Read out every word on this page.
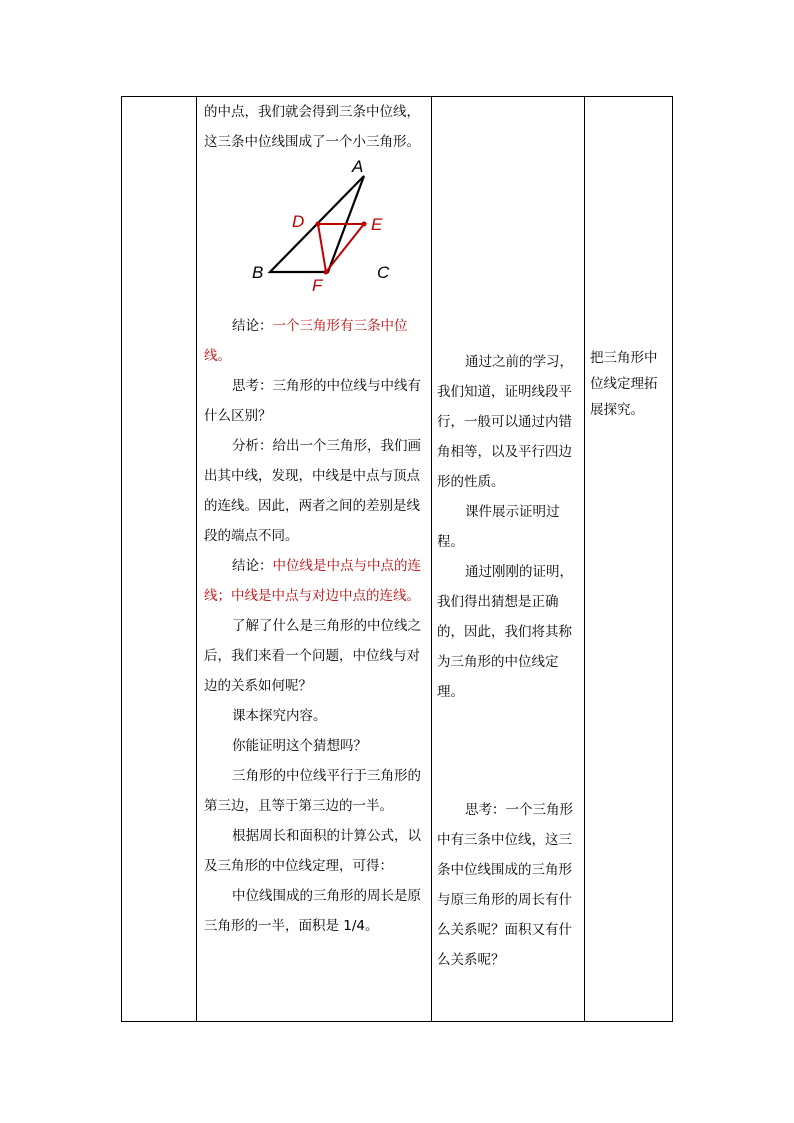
的中点，我们就会得到三条中位线，这三条中位线围成了一个小三角形。

A
B	C
D	E
F

结论：一个三角形有三条中位线。

思考：三角形的中位线与中线有什么区别？

分析：给出一个三角形，我们画出其中线，发现，中线是中点与顶点的连线。因此，两者之间的差别是线段的端点不同。

结论：中位线是中点与中点的连线；中线是中点与对边中点的连线。

了解了什么是三角形的中位线之后，我们来看一个问题，中位线与对边的关系如何呢？

课本探究内容。

你能证明这个猜想吗？

三角形的中位线平行于三角形的第三边，且等于第三边的一半。

根据周长和面积的计算公式，以及三角形的中位线定理，可得：

中位线围成的三角形的周长是原三角形的一半，面积是 1/4。

通过之前的学习，我们知道，证明线段平行，一般可以通过内错角相等，以及平行四边形的性质。

课件展示证明过程。

通过刚刚的证明，我们得出猜想是正确的，因此，我们将其称为三角形的中位线定理。

思考：一个三角形中有三条中位线，这三条中位线围成的三角形与原三角形的周长有什么关系呢？面积又有什么关系呢？

把三角形中位线定理拓展探究。
